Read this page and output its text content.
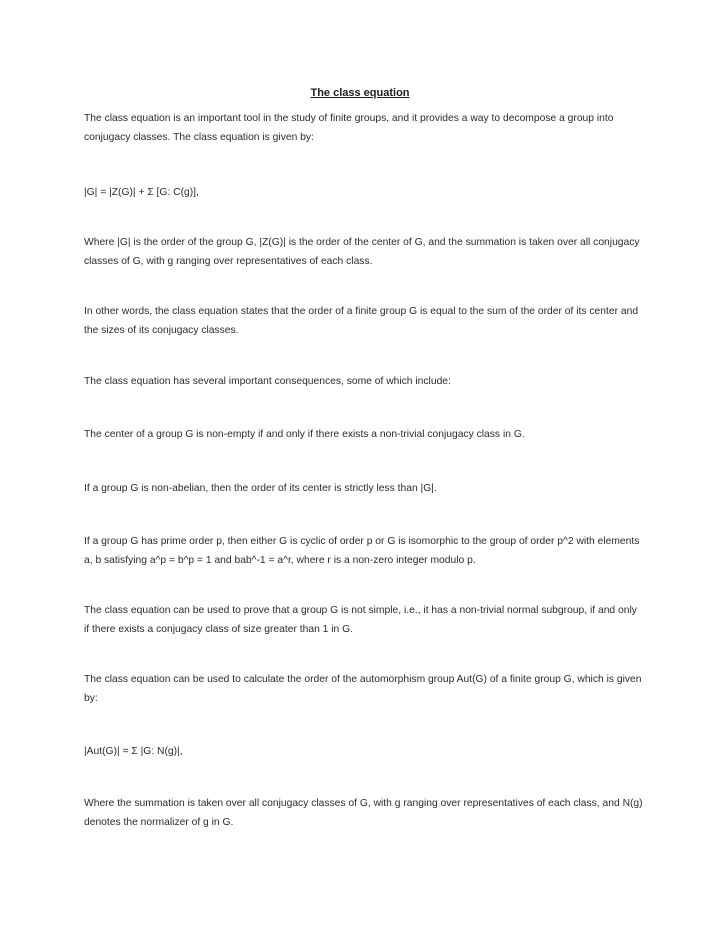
The class equation

The class equation is an important tool in the study of finite groups, and it provides a way to decompose a group into conjugacy classes. The class equation is given by:

|G| = |Z(G)| + Σ [G: C(g)],

Where |G| is the order of the group G, |Z(G)| is the order of the center of G, and the summation is taken over all conjugacy classes of G, with g ranging over representatives of each class.

In other words, the class equation states that the order of a finite group G is equal to the sum of the order of its center and the sizes of its conjugacy classes.

The class equation has several important consequences, some of which include:

The center of a group G is non-empty if and only if there exists a non-trivial conjugacy class in G.

If a group G is non-abelian, then the order of its center is strictly less than |G|.

If a group G has prime order p, then either G is cyclic of order p or G is isomorphic to the group of order p^2 with elements a, b satisfying a^p = b^p = 1 and bab^-1 = a^r, where r is a non-zero integer modulo p.

The class equation can be used to prove that a group G is not simple, i.e., it has a non-trivial normal subgroup, if and only if there exists a conjugacy class of size greater than 1 in G.

The class equation can be used to calculate the order of the automorphism group Aut(G) of a finite group G, which is given by:

|Aut(G)| = Σ |G: N(g)|,

Where the summation is taken over all conjugacy classes of G, with g ranging over representatives of each class, and N(g) denotes the normalizer of g in G.
